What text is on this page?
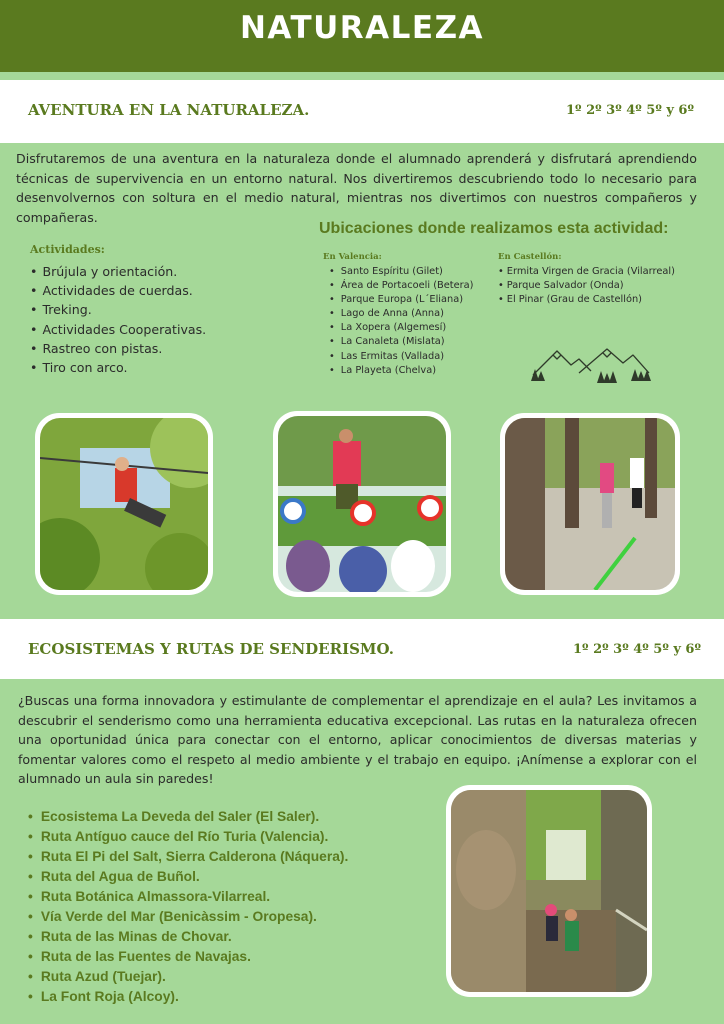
NATURALEZA
AVENTURA EN LA NATURALEZA.	1º 2º 3º 4º 5º y 6º
Disfrutaremos de una aventura en la naturaleza donde el alumnado aprenderá y disfrutará aprendiendo técnicas de supervivencia en un entorno natural. Nos divertiremos descubriendo todo lo necesario para desenvolvernos con soltura en el medio natural, mientras nos divertimos con nuestros compañeros y compañeras.
Actividades:
• Brújula y orientación.
• Actividades de cuerdas.
• Treking.
• Actividades Cooperativas.
• Rastreo con pistas.
• Tiro con arco.
Ubicaciones donde realizamos esta actividad:
En Valencia:
• Santo Espíritu (Gilet)
• Área de Portacoeli (Betera)
• Parque Europa (L´Eliana)
• Lago de Anna (Anna)
• La Xopera (Algemesí)
• La Canaleta (Mislata)
• Las Ermitas (Vallada)
• La Playeta (Chelva)
En Castellón:
• Ermita Virgen de Gracia (Vilarreal)
• Parque Salvador (Onda)
• El Pinar (Grau de Castellón)
ECOSISTEMAS Y RUTAS DE SENDERISMO.	1º 2º 3º 4º 5º y 6º
¿Buscas una forma innovadora y estimulante de complementar el aprendizaje en el aula? Les invitamos a descubrir el senderismo como una herramienta educativa excepcional. Las rutas en la naturaleza ofrecen una oportunidad única para conectar con el entorno, aplicar conocimientos de diversas materias y fomentar valores como el respeto al medio ambiente y el trabajo en equipo. ¡Anímense a explorar con el alumnado un aula sin paredes!
• Ecosistema La Deveda del Saler (El Saler).
• Ruta Antíguo cauce del Río Turia (Valencia).
• Ruta El Pi del Salt, Sierra Calderona (Náquera).
• Ruta del Agua de Buñol.
• Ruta Botánica Almassora-Vilarreal.
• Vía Verde del Mar (Benicàssim - Oropesa).
• Ruta de las Minas de Chovar.
• Ruta de las Fuentes de Navajas.
• Ruta Azud (Tuejar).
• La Font Roja (Alcoy).
